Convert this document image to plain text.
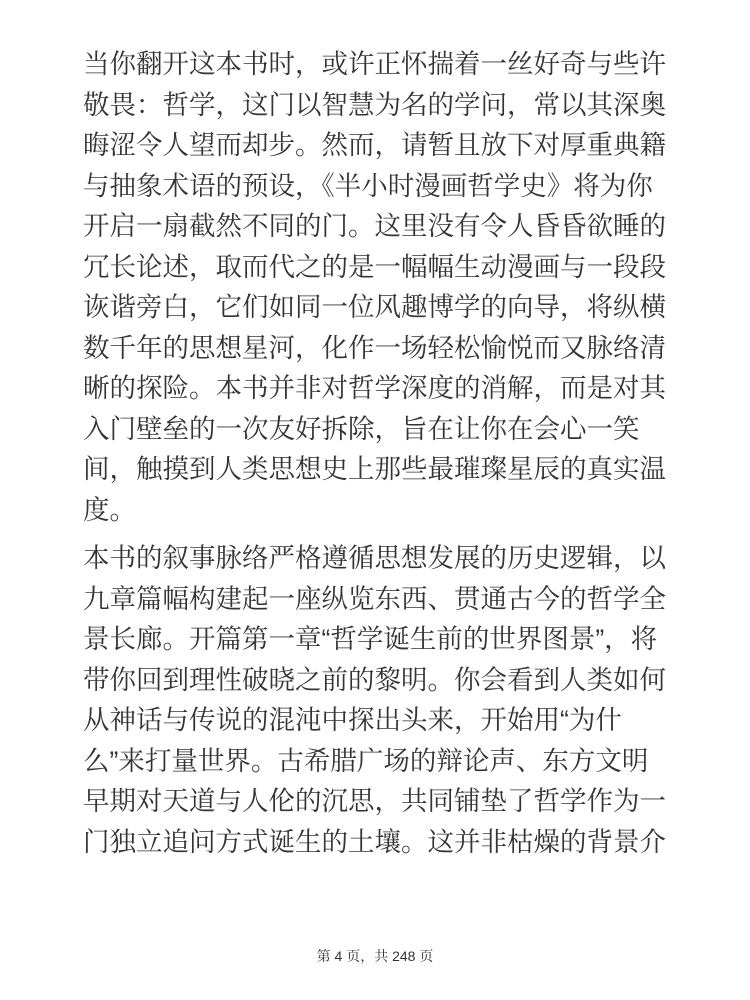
当你翻开这本书时，或许正怀揣着一丝好奇与些许敬畏：哲学，这门以智慧为名的学问，常以其深奥晦涩令人望而却步。然而，请暂且放下对厚重典籍与抽象术语的预设，《半小时漫画哲学史》将为你开启一扇截然不同的门。这里没有令人昏昏欲睡的冗长论述，取而代之的是一幅幅生动漫画与一段段诙谐旁白，它们如同一位风趣博学的向导，将纵横数千年的思想星河，化作一场轻松愉悦而又脉络清晰的探险。本书并非对哲学深度的消解，而是对其入门壁垒的一次友好拆除，旨在让你在会心一笑间，触摸到人类思想史上那些最璀璨星辰的真实温度。

本书的叙事脉络严格遵循思想发展的历史逻辑，以九章篇幅构建起一座纵览东西、贯通古今的哲学全景长廊。开篇第一章“哲学诞生前的世界图景”，将带你回到理性破晓之前的黎明。你会看到人类如何从神话与传说的混沌中探出头来，开始用“为什么”来打量世界。古希腊广场的辩论声、东方文明早期对天道与人伦的沉思，共同铺垫了哲学作为一门独立追问方式诞生的土壤。这并非枯燥的背景介

第 4 页，共 248 页
